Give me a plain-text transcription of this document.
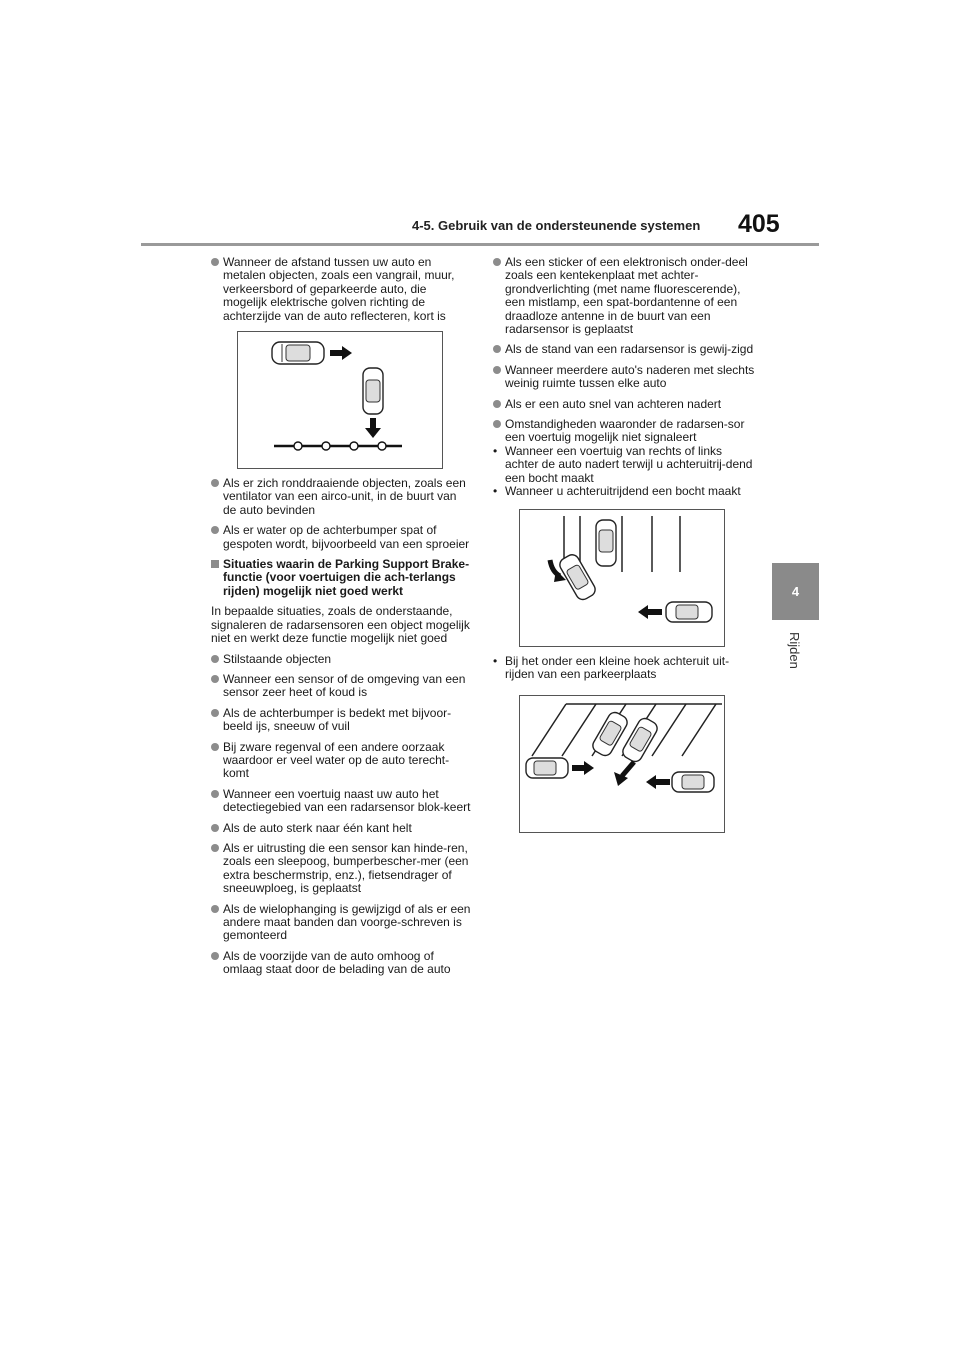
4-5. Gebruik van de ondersteunende systemen 405
4
Rijden
Wanneer de afstand tussen uw auto en metalen objecten, zoals een vangrail, muur, verkeersbord of geparkeerde auto, die mogelijk elektrische golven richting de achterzijde van de auto reflecteren, kort is
Als er zich ronddraaiende objecten, zoals een ventilator van een airco-unit, in de buurt van de auto bevinden
Als er water op de achterbumper spat of gespoten wordt, bijvoorbeeld van een sproeier
Situaties waarin de Parking Support Brake-functie (voor voertuigen die ach-terlangs rijden) mogelijk niet goed werkt
In bepaalde situaties, zoals de onderstaande, signaleren de radarsensoren een object mogelijk niet en werkt deze functie mogelijk niet goed
Stilstaande objecten
Wanneer een sensor of de omgeving van een sensor zeer heet of koud is
Als de achterbumper is bedekt met bijvoor-beeld ijs, sneeuw of vuil
Bij zware regenval of een andere oorzaak waardoor er veel water op de auto terecht-komt
Wanneer een voertuig naast uw auto het detectiegebied van een radarsensor blok-keert
Als de auto sterk naar één kant helt
Als er uitrusting die een sensor kan hinde-ren, zoals een sleepoog, bumperbescher-mer (een extra beschermstrip, enz.), fietsendrager of sneeuwploeg, is geplaatst
Als de wielophanging is gewijzigd of als er een andere maat banden dan voorge-schreven is gemonteerd
Als de voorzijde van de auto omhoog of omlaag staat door de belading van de auto
Als een sticker of een elektronisch onder-deel zoals een kentekenplaat met achter-grondverlichting (met name fluorescerende), een mistlamp, een spat-bordantenne of een draadloze antenne in de buurt van een radarsensor is geplaatst
Als de stand van een radarsensor is gewij-zigd
Wanneer meerdere auto's naderen met slechts weinig ruimte tussen elke auto
Als er een auto snel van achteren nadert
Omstandigheden waaronder de radarsen-sor een voertuig mogelijk niet signaleert
• Wanneer een voertuig van rechts of links achter de auto nadert terwijl u achteruitrij-dend een bocht maakt
• Wanneer u achteruitrijdend een bocht maakt
• Bij het onder een kleine hoek achteruit uit-rijden van een parkeerplaats
